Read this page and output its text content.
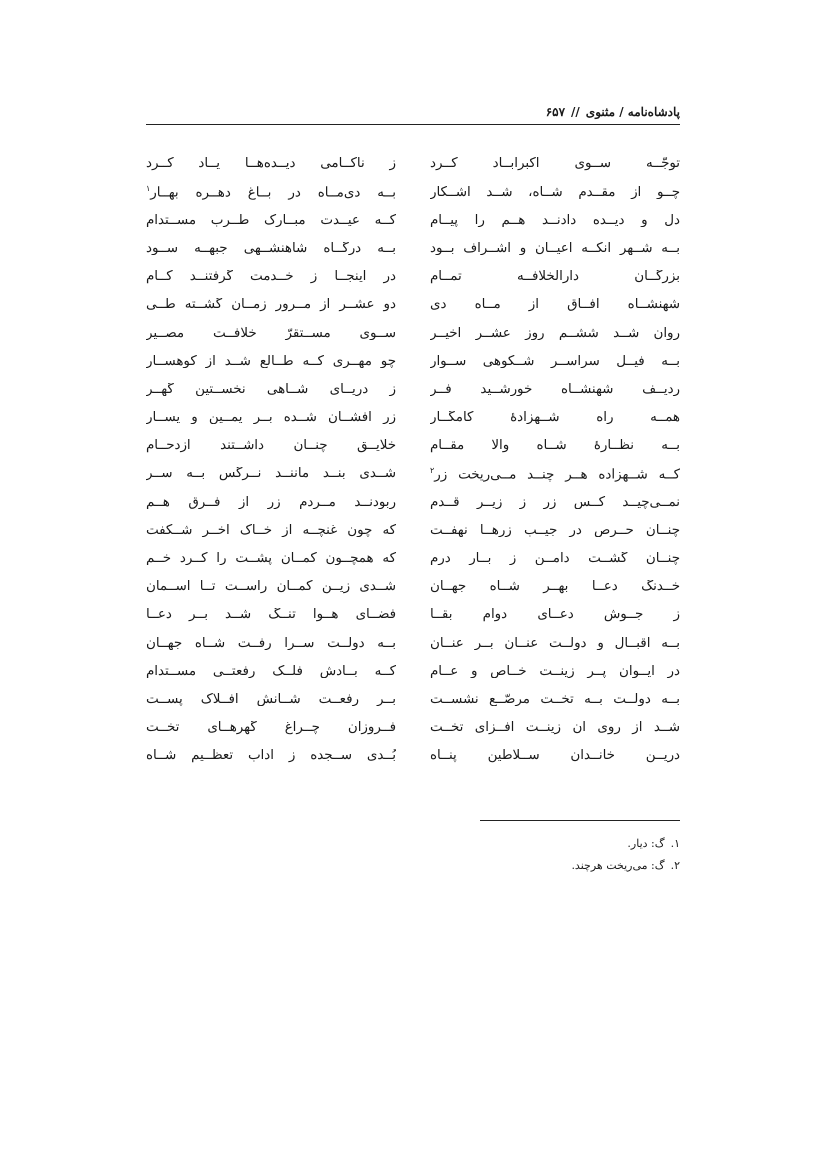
پادشاه‌نامه / مثنوی
//
۶۵۷
توجّــه ســوی اکبرآبــاد کــرد
ز ناکــامی دیــده‌هــا یــاد کــرد
چــو از مقــدم شــاه، شــد آشــکار
بــه دی‌مــاه در بــاغ دهــره بهــار$^۱$
دل و دیــده دادنــد هــم را پیــام
کــه عیــدت مبــارک طــرب مســتدام
بــه شــهر آنکــه اعیــان و اشــراف بــود
بــه درگــاه شاهنشــهی جبهــه ســود
بزرگــان دارالخلافــه تمــام
در اینجــا ز خــدمت گرفتنــد کــام
شهنشــاه آفــاق از مــاه دی
دو عشــر از مــرور زمــان گشــته طــی
روان شــد ششــم روز عشــر اخیــر
ســوی مســتقرّ خلافــت مصــیر
بــه فیــل سراســر شــکوهی ســوار
چو مهــری کــه طــالع شــد از کوهســار
ردیــف شهنشــاه خورشــید فــر
ز دریــای شــاهی نخســتین گهــر
همــه راه شــهزادۀ کامگــار
زر افشــان شــده بــر یمــین و یســار
بــه نظّــارۀ شــاه والا مقــام
خلایــق چنــان داشــتند ازدحــام
کــه شــهزاده هــر چنــد مــی‌ریخت زر$^۲$
شــدی بنــد ماننــد نــرگس بــه ســر
نمــی‌چیــد کــس زر ز زیــر قــدم
ربودنــد مــردم زر از فــرق هــم
چنــان حــرص در جیــب زرهــا نهفــت
که چون غنچــه از خــاک آخــر شــکفت
چنــان گشــت دامــن ز بــار درم
که همچــون کمــان پشــت را کــرد خــم
خــدنگ دعــا بهــر شــاه جهــان
شــدی زیــن کمــان راســت تــا آســمان
ز جــوش دعــای دوام بقــا
فضــای هــوا تنــگ شــد بــر دعــا
بــه اقبــال و دولــت عنــان بــر عنــان
بــه دولــت ســرا رفــت شــاه جهــان
در ایــوان پــر زینــت خــاص و عــام
کــه بــادش فلــک رفعتــی مســتدام
بــه دولــت بــه تخــت مرصّــع نشســت
بــر رفعــت شــأنش افــلاک پســت
شــد از روی آن زینــت افــزای تخــت
فــروزان چــراغ گهرهــای تخــت
دریــن خانــدان ســلاطین پنــاه
بُــدی ســجده ز آداب تعظــیم شــاه
۱.
گ: دیار.
۲.
گ: می‌ریخت هرچند.
